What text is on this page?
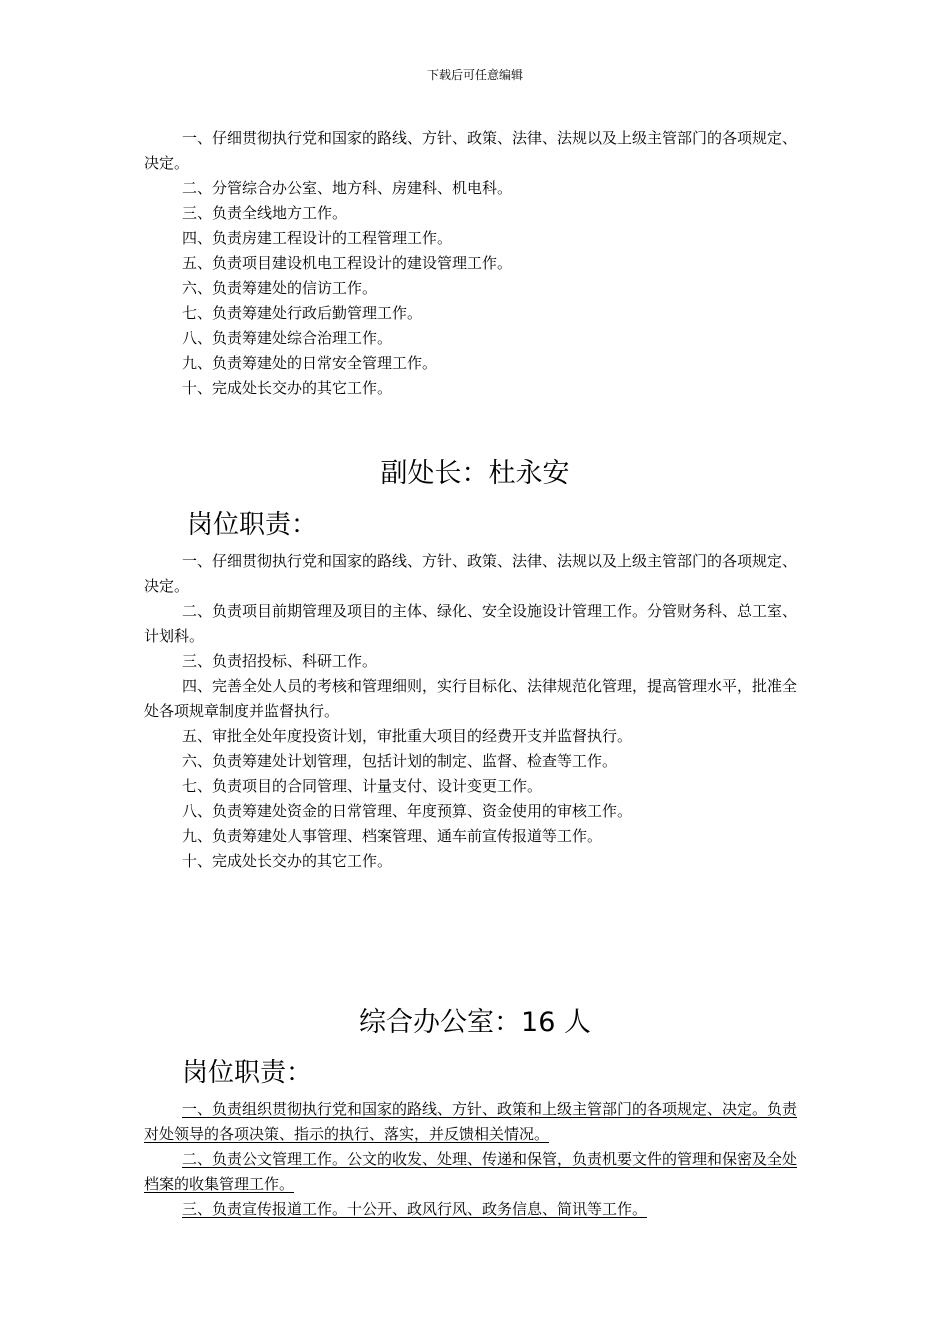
下载后可任意编辑

一、仔细贯彻执行党和国家的路线、方针、政策、法律、法规以及上级主管部门的各项规定、决定。

二、分管综合办公室、地方科、房建科、机电科。

三、负责全线地方工作。

四、负责房建工程设计的工程管理工作。

五、负责项目建设机电工程设计的建设管理工作。

六、负责筹建处的信访工作。

七、负责筹建处行政后勤管理工作。

八、负责筹建处综合治理工作。

九、负责筹建处的日常安全管理工作。

十、完成处长交办的其它工作。

副处长：杜永安
岗位职责：

一、仔细贯彻执行党和国家的路线、方针、政策、法律、法规以及上级主管部门的各项规定、决定。

二、负责项目前期管理及项目的主体、绿化、安全设施设计管理工作。分管财务科、总工室、计划科。

三、负责招投标、科研工作。

四、完善全处人员的考核和管理细则，实行目标化、法律规范化管理，提高管理水平，批准全处各项规章制度并监督执行。

五、审批全处年度投资计划，审批重大项目的经费开支并监督执行。

六、负责筹建处计划管理，包括计划的制定、监督、检查等工作。

七、负责项目的合同管理、计量支付、设计变更工作。

八、负责筹建处资金的日常管理、年度预算、资金使用的审核工作。

九、负责筹建处人事管理、档案管理、通车前宣传报道等工作。

十、完成处长交办的其它工作。

综合办公室：16 人
岗位职责：

一、负责组织贯彻执行党和国家的路线、方针、政策和上级主管部门的各项规定、决定。负责对处领导的各项决策、指示的执行、落实，并反馈相关情况。

二、负责公文管理工作。公文的收发、处理、传递和保管，负责机要文件的管理和保密及全处档案的收集管理工作。

三、负责宣传报道工作。十公开、政风行风、政务信息、简讯等工作。
